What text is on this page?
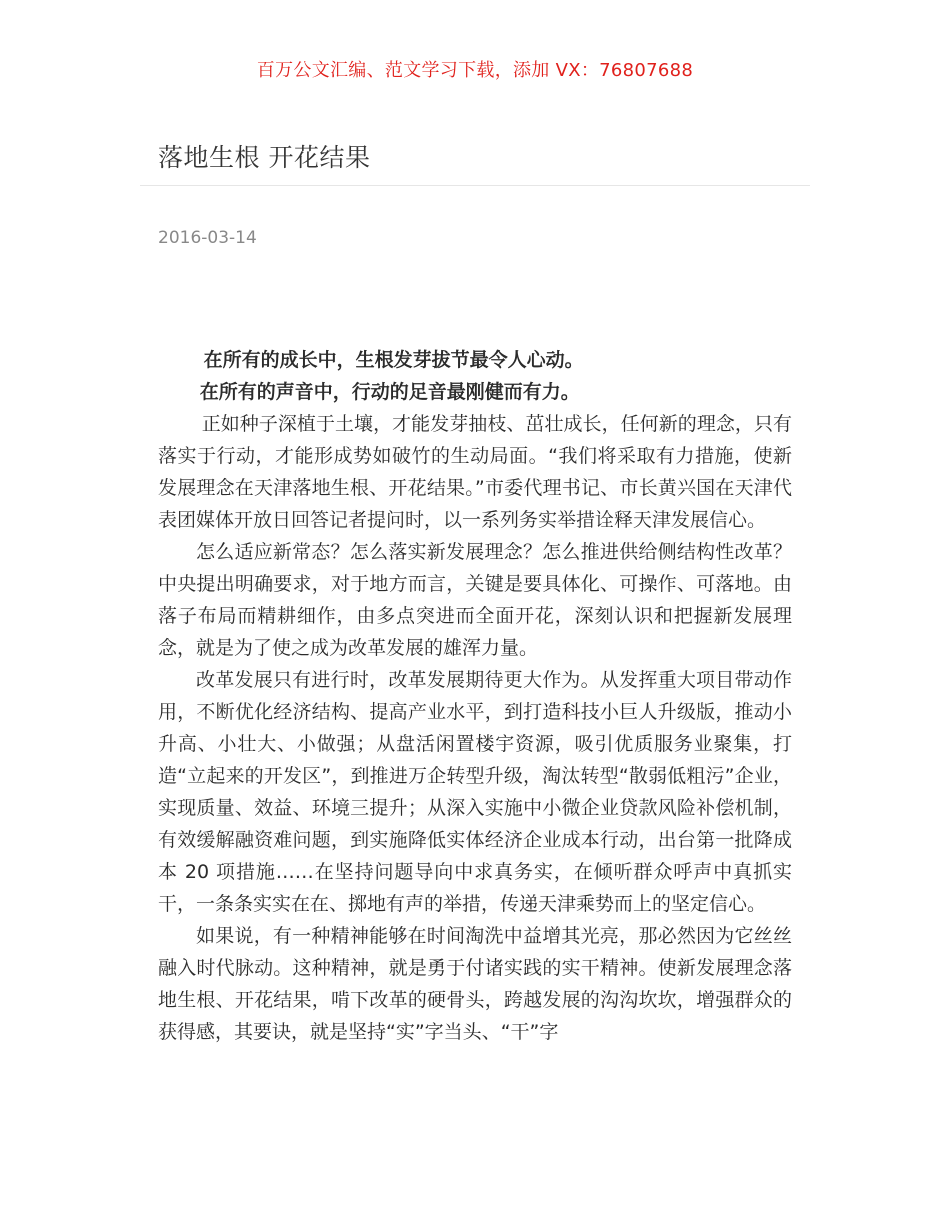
百万公文汇编、范文学习下载，添加 VX：76807688
落地生根 开花结果
2016-03-14

在所有的成长中，生根发芽拔节最令人心动。

在所有的声音中，行动的足音最刚健而有力。

正如种子深植于土壤，才能发芽抽枝、茁壮成长，任何新的理念，只有落实于行动，才能形成势如破竹的生动局面。“我们将采取有力措施，使新发展理念在天津落地生根、开花结果。”市委代理书记、市长黄兴国在天津代表团媒体开放日回答记者提问时，以一系列务实举措诠释天津发展信心。

怎么适应新常态？怎么落实新发展理念？怎么推进供给侧结构性改革？中央提出明确要求，对于地方而言，关键是要具体化、可操作、可落地。由落子布局而精耕细作，由多点突进而全面开花，深刻认识和把握新发展理念，就是为了使之成为改革发展的雄浑力量。

改革发展只有进行时，改革发展期待更大作为。从发挥重大项目带动作用，不断优化经济结构、提高产业水平，到打造科技小巨人升级版，推动小升高、小壮大、小做强；从盘活闲置楼宇资源，吸引优质服务业聚集，打造“立起来的开发区”，到推进万企转型升级，淘汰转型“散弱低粗污”企业，实现质量、效益、环境三提升；从深入实施中小微企业贷款风险补偿机制，有效缓解融资难问题，到实施降低实体经济企业成本行动，出台第一批降成本 20 项措施……在坚持问题导向中求真务实，在倾听群众呼声中真抓实干，一条条实实在在、掷地有声的举措，传递天津乘势而上的坚定信心。

如果说，有一种精神能够在时间淘洗中益增其光亮，那必然因为它丝丝融入时代脉动。这种精神，就是勇于付诸实践的实干精神。使新发展理念落地生根、开花结果，啃下改革的硬骨头，跨越发展的沟沟坎坎，增强群众的获得感，其要诀，就是坚持“实”字当头、“干”字
